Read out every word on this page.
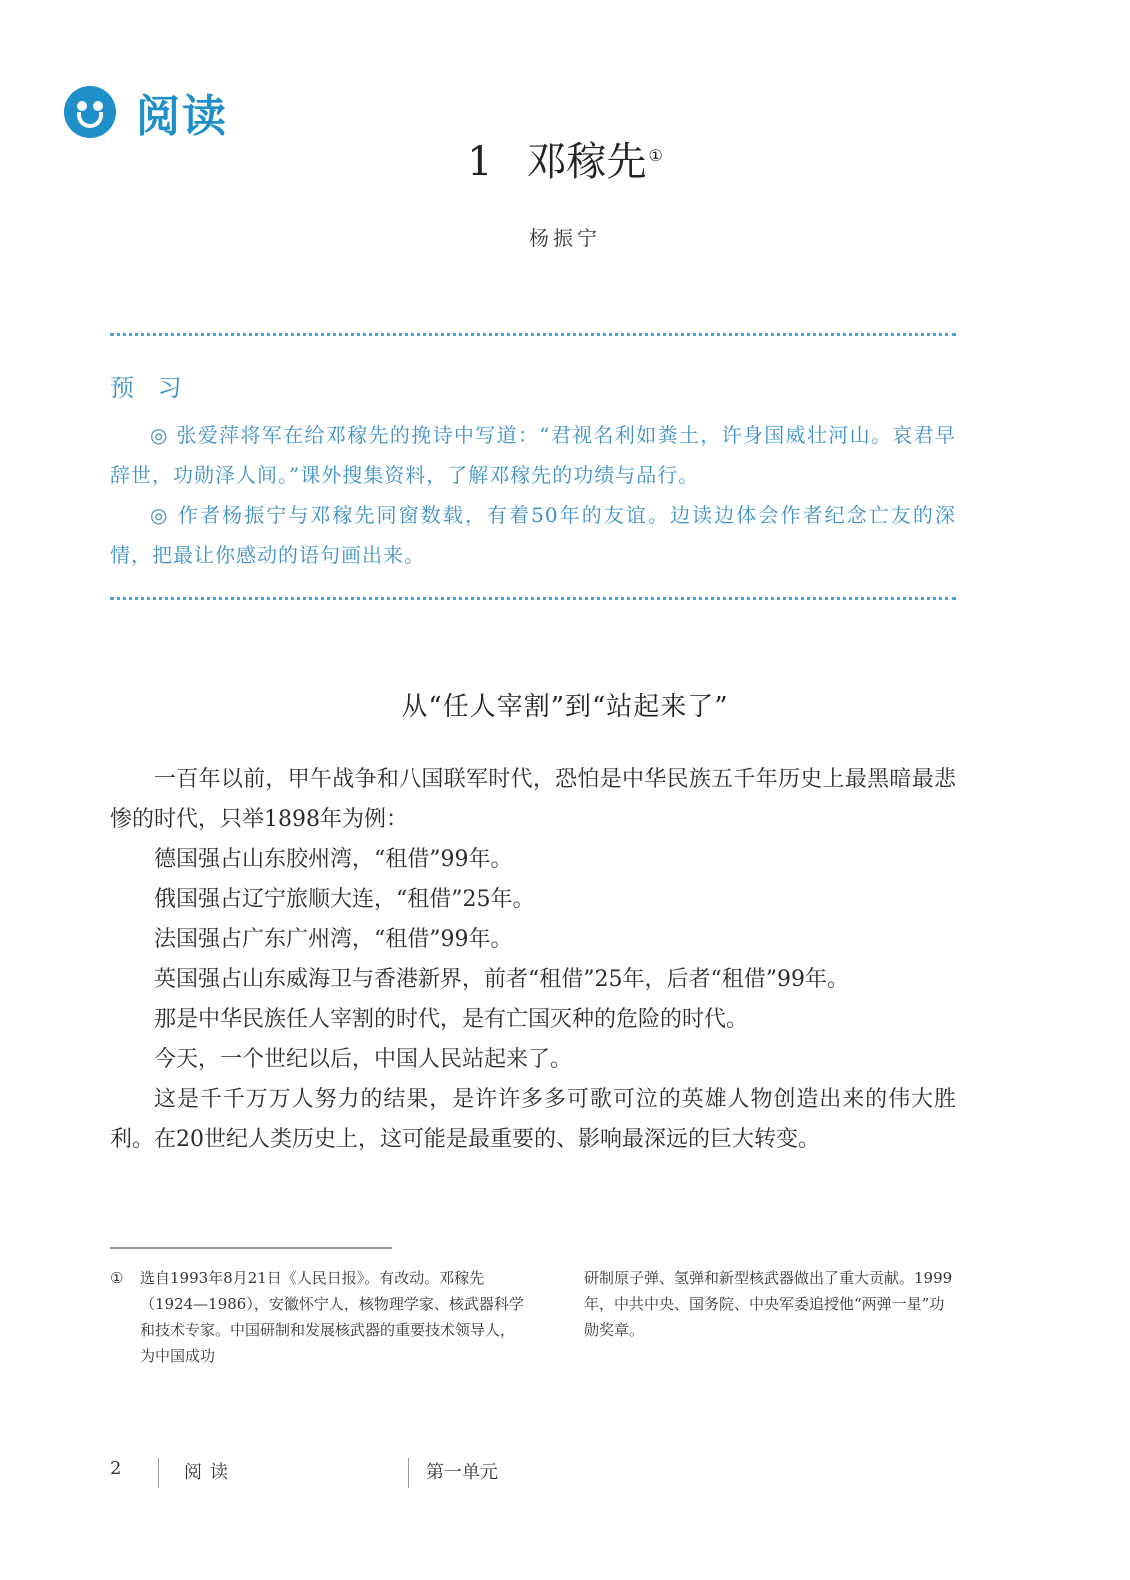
阅读
1 邓稼先 ①
杨振宁
预 习

◎ 张爱萍将军在给邓稼先的挽诗中写道：“君视名利如粪土，许身国威壮河山。哀君早辞世，功勋泽人间。”课外搜集资料，了解邓稼先的功绩与品行。

◎ 作者杨振宁与邓稼先同窗数载，有着50年的友谊。边读边体会作者纪念亡友的深情，把最让你感动的语句画出来。

从“任人宰割”到“站起来了”

一百年以前，甲午战争和八国联军时代，恐怕是中华民族五千年历史上最黑暗最悲惨的时代，只举1898年为例：

德国强占山东胶州湾，“租借”99年。

俄国强占辽宁旅顺大连，“租借”25年。

法国强占广东广州湾，“租借”99年。

英国强占山东威海卫与香港新界，前者“租借”25年，后者“租借”99年。

那是中华民族任人宰割的时代，是有亡国灭种的危险的时代。

今天，一个世纪以后，中国人民站起来了。

这是千千万万人努力的结果，是许许多多可歌可泣的英雄人物创造出来的伟大胜利。在20世纪人类历史上，这可能是最重要的、影响最深远的巨大转变。

①	选自1993年8月21日《人民日报》。有改动。邓稼先（1924—1986），安徽怀宁人，核物理学家、核武器科学和技术专家。中国研制和发展核武器的重要技术领导人，为中国成功
研制原子弹、氢弹和新型核武器做出了重大贡献。1999年，中共中央、国务院、中央军委追授他“两弹一星”功勋奖章。
2	阅读	第一单元
